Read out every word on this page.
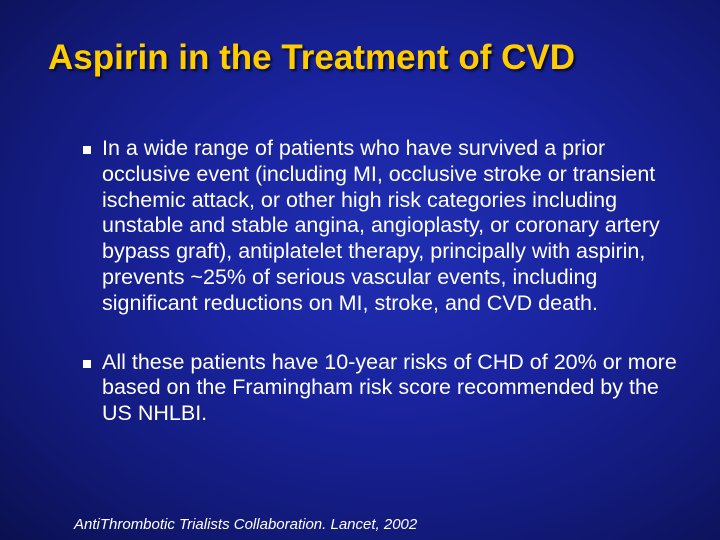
Aspirin in the Treatment of CVD
In a wide range of patients who have survived a prior occlusive event (including MI, occlusive stroke or transient ischemic attack, or other high risk categories including unstable and stable angina, angioplasty, or coronary artery bypass graft), antiplatelet therapy, principally with aspirin, prevents ~25% of serious vascular events, including significant reductions on MI, stroke, and CVD death.
All these patients have 10-year risks of CHD of 20% or more based on the Framingham risk score recommended by the US NHLBI.

AntiThrombotic Trialists Collaboration. Lancet, 2002
